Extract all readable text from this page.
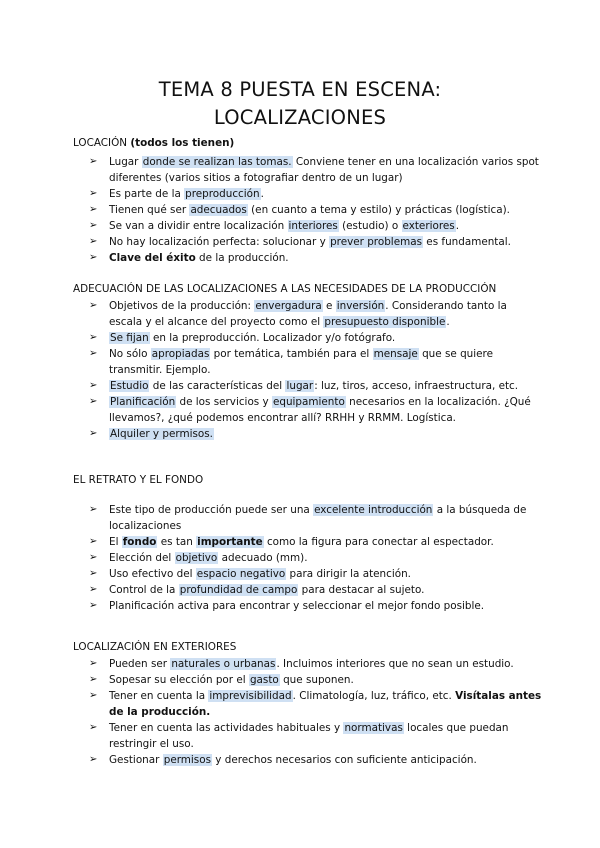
TEMA 8 PUESTA EN ESCENA:
LOCALIZACIONES

LOCACIÓN (todos los tienen)

➢ Lugar donde se realizan las tomas. Conviene tener en una localización varios spot diferentes (varios sitios a fotografiar dentro de un lugar)
➢ Es parte de la preproducción.
➢ Tienen qué ser adecuados (en cuanto a tema y estilo) y prácticas (logística).
➢ Se van a dividir entre localización interiores (estudio) o exteriores.
➢ No hay localización perfecta: solucionar y prever problemas es fundamental.
➢ Clave del éxito de la producción.

ADECUACIÓN DE LAS LOCALIZACIONES A LAS NECESIDADES DE LA PRODUCCIÓN

➢ Objetivos de la producción: envergadura e inversión. Considerando tanto la escala y el alcance del proyecto como el presupuesto disponible.
➢ Se fijan en la preproducción. Localizador y/o fotógrafo.
➢ No sólo apropiadas por temática, también para el mensaje que se quiere transmitir. Ejemplo.
➢ Estudio de las características del lugar: luz, tiros, acceso, infraestructura, etc.
➢ Planificación de los servicios y equipamiento necesarios en la localización. ¿Qué llevamos?, ¿qué podemos encontrar allí? RRHH y RRMM. Logística.
➢ Alquiler y permisos.

EL RETRATO Y EL FONDO

➢ Este tipo de producción puede ser una excelente introducción a la búsqueda de localizaciones
➢ El fondo es tan importante como la figura para conectar al espectador.
➢ Elección del objetivo adecuado (mm).
➢ Uso efectivo del espacio negativo para dirigir la atención.
➢ Control de la profundidad de campo para destacar al sujeto.
➢ Planificación activa para encontrar y seleccionar el mejor fondo posible.

LOCALIZACIÓN EN EXTERIORES

➢ Pueden ser naturales o urbanas. Incluimos interiores que no sean un estudio.
➢ Sopesar su elección por el gasto que suponen.
➢ Tener en cuenta la imprevisibilidad. Climatología, luz, tráfico, etc. Visítalas antes de la producción.
➢ Tener en cuenta las actividades habituales y normativas locales que puedan restringir el uso.
➢ Gestionar permisos y derechos necesarios con suficiente anticipación.
